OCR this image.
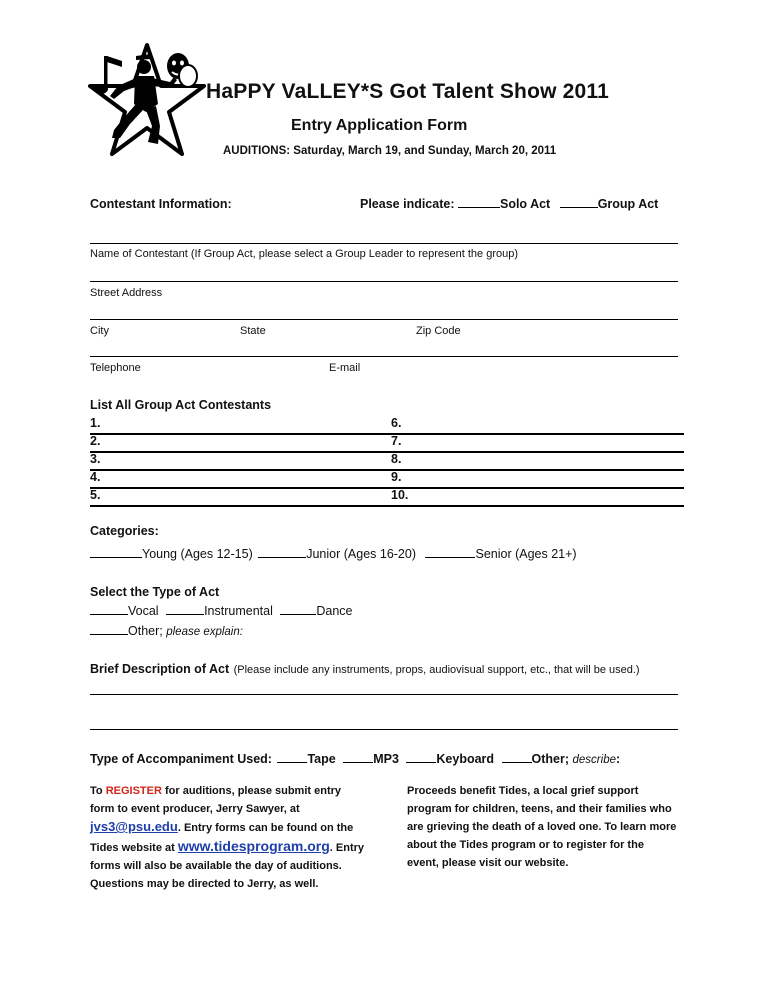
HaPPY VaLLEY*S Got Talent Show 2011
Entry Application Form
AUDITIONS: Saturday, March 19, and Sunday, March 20, 2011
Contestant Information:	Please indicate:	Solo Act	Group Act
Name of Contestant (If Group Act, please select a Group Leader to represent the group)
Street Address
City	State	Zip Code
Telephone	E-mail
List All Group Act Contestants
1.	6.
2.	7.
3.	8.
4.	9.
5.	10.
Categories:
Young (Ages 12-15)	Junior (Ages 16-20)	Senior (Ages 21+)
Select the Type of Act
Vocal	Instrumental	Dance
Other; please explain:
Brief Description of Act (Please include any instruments, props, audiovisual support, etc., that will be used.)
Type of Accompaniment Used:	Tape	MP3	Keyboard	Other; describe:
To REGISTER for auditions, please submit entry
form to event producer, Jerry Sawyer, at
jvs3@psu.edu. Entry forms can be found on the
Tides website at www.tidesprogram.org. Entry
forms will also be available the day of auditions.
Questions may be directed to Jerry, as well.
Proceeds benefit Tides, a local grief support
program for children, teens, and their families who
are grieving the death of a loved one. To learn more
about the Tides program or to register for the
event, please visit our website.
